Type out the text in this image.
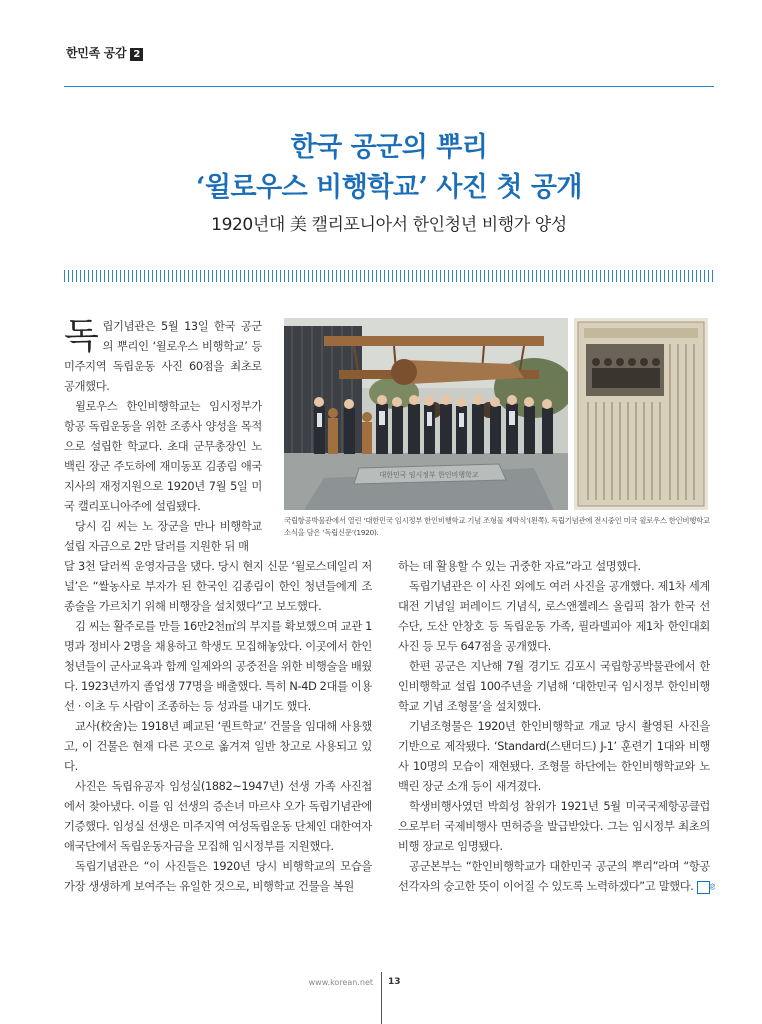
한민족 공감 2
한국 공군의 뿌리
‘윌로우스 비행학교’ 사진 첫 공개
1920년대 美 캘리포니아서 한인청년 비행가 양성

독립기념관은 5월 13일 한국 공군의 뿌리인 ‘윌로우스 비행학교’ 등 미주지역 독립운동 사진 60점을 최초로 공개했다.

윌로우스 한인비행학교는 임시정부가 항공 독립운동을 위한 조종사 양성을 목적으로 설립한 학교다. 초대 군무총장인 노백린 장군 주도하에 재미동포 김종림 애국지사의 재정지원으로 1920년 7월 5일 미국 캘리포니아주에 설립됐다.

당시 김 씨는 노 장군을 만나 비행학교 설립 자금으로 2만 달러를 지원한 뒤 매

달 3천 달러씩 운영자금을 댔다. 당시 현지 신문 ‘윌로스데일리 저널’은 “쌀농사로 부자가 된 한국인 김종림이 한인 청년들에게 조종술을 가르치기 위해 비행장을 설치했다”고 보도했다.

김 씨는 활주로를 만들 16만2천㎡의 부지를 확보했으며 교관 1명과 정비사 2명을 채용하고 학생도 모집해놓았다. 이곳에서 한인청년들이 군사교육과 함께 일제와의 공중전을 위한 비행술을 배웠다. 1923년까지 졸업생 77명을 배출했다. 특히 N-4D 2대를 이용선 · 이초 두 사람이 조종하는 등 성과를 내기도 했다.

교사(校舍)는 1918년 폐교된 ‘퀀트학교’ 건물을 임대해 사용했고, 이 건물은 현재 다른 곳으로 옮겨져 일반 창고로 사용되고 있다.

사진은 독립유공자 임성실(1882~1947년) 선생 가족 사진첩에서 찾아냈다. 이를 임 선생의 증손녀 마르샤 오가 독립기념관에 기증했다. 임성실 선생은 미주지역 여성독립운동 단체인 대한여자애국단에서 독립운동자금을 모집해 임시정부를 지원했다.

독립기념관은 “이 사진들은 1920년 당시 비행학교의 모습을 가장 생생하게 보여주는 유일한 것으로, 비행학교 건물을 복원

하는 데 활용할 수 있는 귀중한 자료”라고 설명했다.

독립기념관은 이 사진 외에도 여러 사진을 공개했다. 제1차 세계대전 기념일 퍼레이드 기념식, 로스앤젤레스 올림픽 참가 한국 선수단, 도산 안창호 등 독립운동 가족, 필라델피아 제1차 한인대회 사진 등 모두 647점을 공개했다.

한편 공군은 지난해 7월 경기도 김포시 국립항공박물관에서 한인비행학교 설립 100주년을 기념해 ‘대한민국 임시정부 한인비행학교 기념 조형물’을 설치했다.

기념조형물은 1920년 한인비행학교 개교 당시 촬영된 사진을 기반으로 제작됐다. ‘Standard(스탠더드) J-1’ 훈련기 1대와 비행사 10명의 모습이 재현됐다. 조형물 하단에는 한인비행학교와 노백린 장군 소개 등이 새겨졌다.

학생비행사였던 박희성 참위가 1921년 5월 미국국제항공클럽으로부터 국제비행사 면허증을 발급받았다. 그는 임시정부 최초의 비행 장교로 임명됐다.

공군본부는 “한인비행학교가 대한민국 공군의 뿌리”라며 “항공 선각자의 숭고한 뜻이 이어질 수 있도록 노력하겠다”고 말했다. 窓

대한민국 임시정부 한인비행학교
국립항공박물관에서 열린 ‘대한민국 임시정부 한인비행학교 기념 조형물 제막식’(왼쪽). 독립기념관에 전시중인 미국 윌로우스 한인비행학교 소식을 담은 ‘독립신문’(1920).
www.korean.net 13
